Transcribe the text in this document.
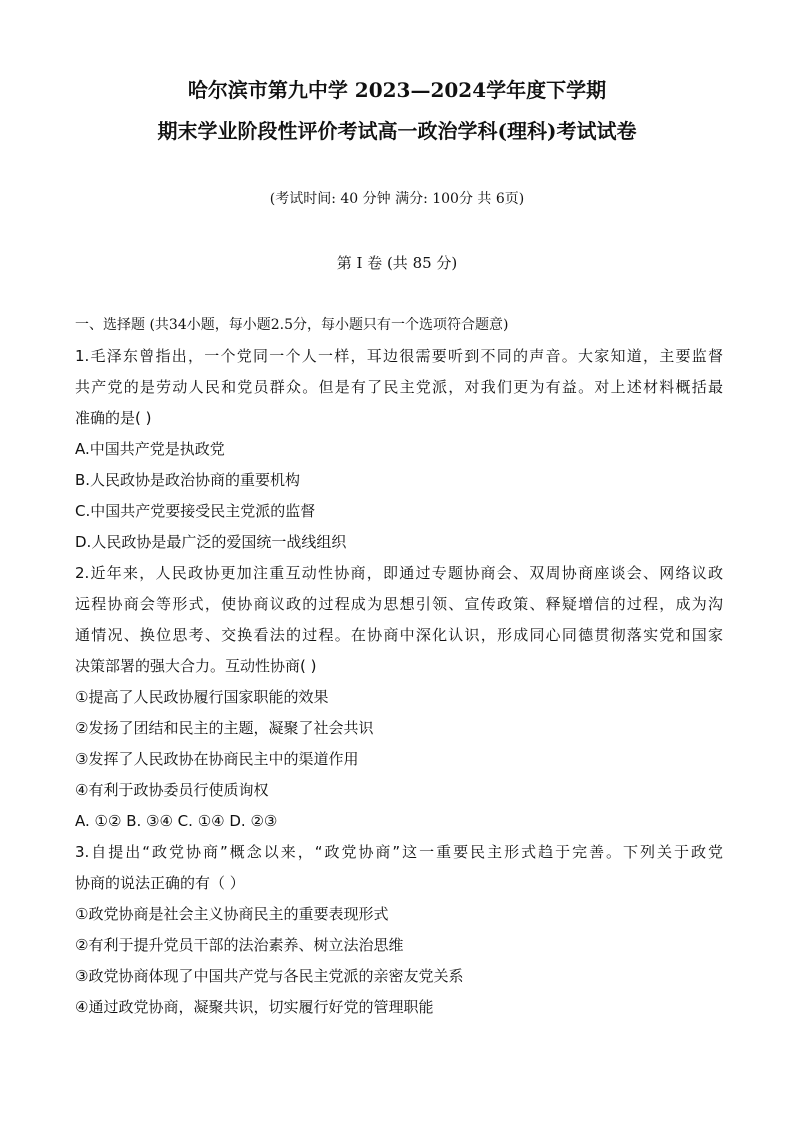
哈尔滨市第九中学 2023—2024学年度下学期
期末学业阶段性评价考试高一政治学科(理科)考试试卷
(考试时间: 40 分钟 满分: 100分 共 6页)
第 I 卷 (共 85 分)
一、选择题 (共34小题，每小题2.5分，每小题只有一个选项符合题意)
1.毛泽东曾指出，一个党同一个人一样，耳边很需要听到不同的声音。大家知道，主要监督
共产党的是劳动人民和党员群众。但是有了民主党派，对我们更为有益。对上述材料概括最
准确的是( )
A.中国共产党是执政党
B.人民政协是政治协商的重要机构
C.中国共产党要接受民主党派的监督
D.人民政协是最广泛的爱国统一战线组织
2.近年来，人民政协更加注重互动性协商，即通过专题协商会、双周协商座谈会、网络议政
远程协商会等形式，使协商议政的过程成为思想引领、宣传政策、释疑增信的过程，成为沟
通情况、换位思考、交换看法的过程。在协商中深化认识，形成同心同德贯彻落实党和国家
决策部署的强大合力。互动性协商( )
①提高了人民政协履行国家职能的效果
②发扬了团结和民主的主题，凝聚了社会共识
③发挥了人民政协在协商民主中的渠道作用
④有利于政协委员行使质询权
A. ①② B. ③④ C. ①④ D. ②③
3.自提出“政党协商”概念以来，“政党协商”这一重要民主形式趋于完善。下列关于政党
协商的说法正确的有（ ）
①政党协商是社会主义协商民主的重要表现形式
②有利于提升党员干部的法治素养、树立法治思维
③政党协商体现了中国共产党与各民主党派的亲密友党关系
④通过政党协商，凝聚共识，切实履行好党的管理职能
